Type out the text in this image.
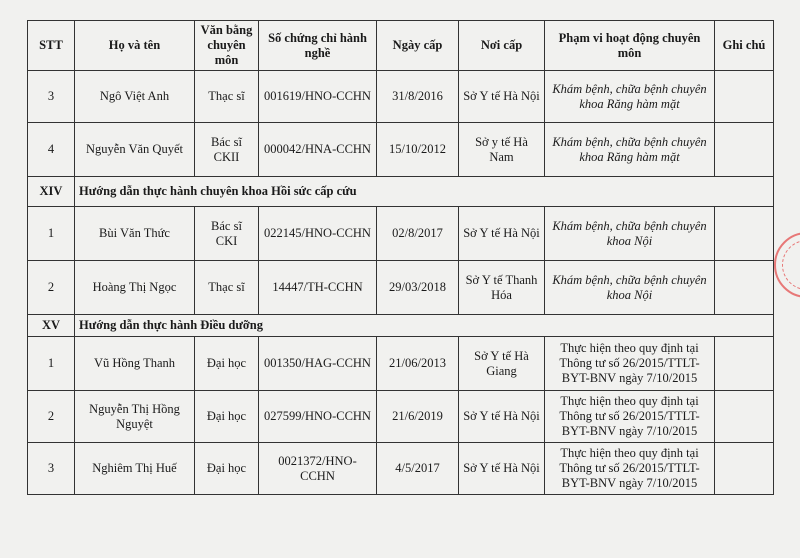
STT	Họ và tên	Văn bằng chuyên môn	Số chứng chỉ hành nghề	Ngày cấp	Nơi cấp	Phạm vi hoạt động chuyên môn	Ghi chú
3	Ngô Việt Anh	Thạc sĩ	001619/HNO-CCHN	31/8/2016	Sở Y tế Hà Nội	Khám bệnh, chữa bệnh chuyên khoa Răng hàm mặt	
4	Nguyễn Văn Quyết	Bác sĩ CKII	000042/HNA-CCHN	15/10/2012	Sở y tế Hà Nam	Khám bệnh, chữa bệnh chuyên khoa Răng hàm mặt	
XIV	Hướng dẫn thực hành chuyên khoa Hồi sức cấp cứu						
1	Bùi Văn Thức	Bác sĩ CKI	022145/HNO-CCHN	02/8/2017	Sở Y tế Hà Nội	Khám bệnh, chữa bệnh chuyên khoa Nội	
2	Hoàng Thị Ngọc	Thạc sĩ	14447/TH-CCHN	29/03/2018	Sở Y tế Thanh Hóa	Khám bệnh, chữa bệnh chuyên khoa Nội	
XV	Hướng dẫn thực hành Điều dưỡng						
1	Vũ Hồng Thanh	Đại học	001350/HAG-CCHN	21/06/2013	Sở Y tế Hà Giang	Thực hiện theo quy định tại Thông tư số 26/2015/TTLT-BYT-BNV ngày 7/10/2015	
2	Nguyễn Thị Hồng Nguyệt	Đại học	027599/HNO-CCHN	21/6/2019	Sở Y tế Hà Nội	Thực hiện theo quy định tại Thông tư số 26/2015/TTLT-BYT-BNV ngày 7/10/2015	
3	Nghiêm Thị Huế	Đại học	0021372/HNO-CCHN	4/5/2017	Sở Y tế Hà Nội	Thực hiện theo quy định tại Thông tư số 26/2015/TTLT-BYT-BNV ngày 7/10/2015	
